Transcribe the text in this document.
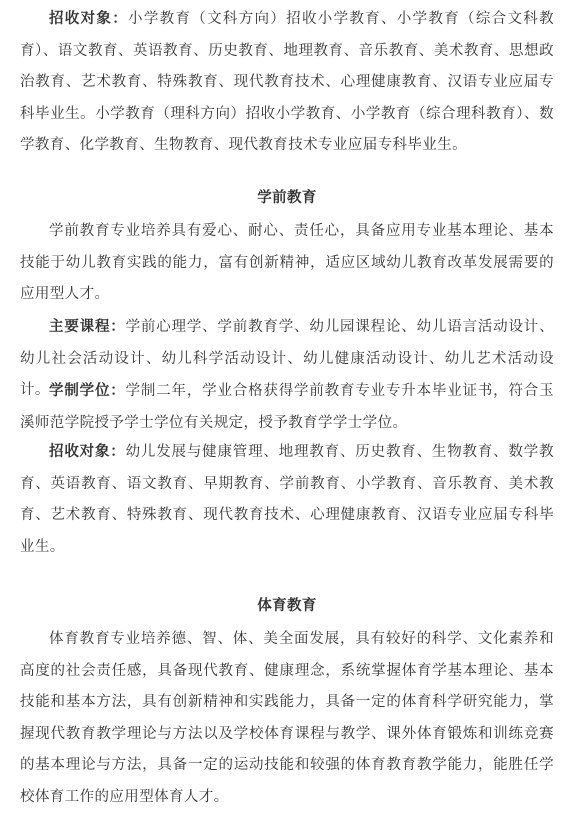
招收对象：小学教育（文科方向）招收小学教育、小学教育（综合文科教育）、语文教育、英语教育、历史教育、地理教育、音乐教育、美术教育、思想政治教育、艺术教育、特殊教育、现代教育技术、心理健康教育、汉语专业应届专科毕业生。小学教育（理科方向）招收小学教育、小学教育（综合理科教育）、数学教育、化学教育、生物教育、现代教育技术专业应届专科毕业生。

学前教育

学前教育专业培养具有爱心、耐心、责任心，具备应用专业基本理论、基本技能于幼儿教育实践的能力，富有创新精神，适应区域幼儿教育改革发展需要的应用型人才。

主要课程：学前心理学、学前教育学、幼儿园课程论、幼儿语言活动设计、幼儿社会活动设计、幼儿科学活动设计、幼儿健康活动设计、幼儿艺术活动设计。 学制学位：学制二年，学业合格获得学前教育专业专升本毕业证书，符合玉溪师范学院授予学士学位有关规定，授予教育学学士学位。

招收对象：幼儿发展与健康管理、地理教育、历史教育、生物教育、数学教育、英语教育、语文教育、早期教育、学前教育、小学教育、音乐教育、美术教育、艺术教育、特殊教育、现代教育技术、心理健康教育、汉语专业应届专科毕业生。

体育教育

体育教育专业培养德、智、体、美全面发展，具有较好的科学、文化素养和高度的社会责任感，具备现代教育、健康理念，系统掌握体育学基本理论、基本技能和基本方法，具有创新精神和实践能力，具备一定的体育科学研究能力，掌握现代教育教学理论与方法以及学校体育课程与教学、课外体育锻炼和训练竞赛的基本理论与方法，具备一定的运动技能和较强的体育教育教学能力，能胜任学校体育工作的应用型体育人才。
